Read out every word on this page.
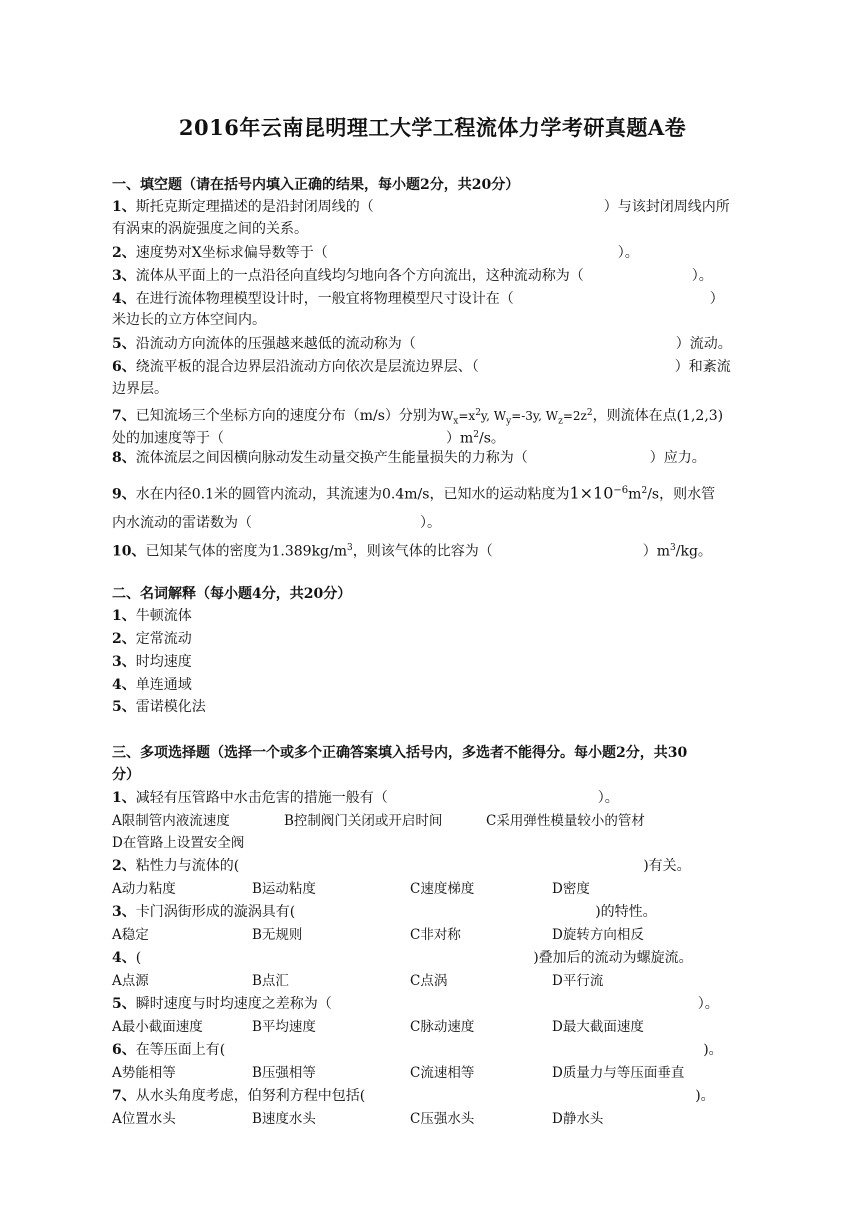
2016年云南昆明理工大学工程流体力学考研真题A卷
一、填空题（请在括号内填入正确的结果，每小题2分，共20分）
1、斯托克斯定理描述的是沿封闭周线的（	）与该封闭周线内所
有涡束的涡旋强度之间的关系。
2、速度势对X坐标求偏导数等于（	）。
3、流体从平面上的一点沿径向直线均匀地向各个方向流出，这种流动称为（	）。
4、在进行流体物理模型设计时，一般宜将物理模型尺寸设计在（	）
米边长的立方体空间内。
5、沿流动方向流体的压强越来越低的流动称为（	）流动。
6、绕流平板的混合边界层沿流动方向依次是层流边界层、（	）和紊流
边界层。
7、已知流场三个坐标方向的速度分布（m/s）分别为$W_x=x^2y$, $W_y=-3y$, $W_z=2z^2$，则流体在点(1,2,3)
处的加速度等于（	）$m^2/s$。
8、流体流层之间因横向脉动发生动量交换产生能量损失的力称为（	）应力。
9、水在内径0.1米的圆管内流动，其流速为0.4m/s，已知水的运动粘度为$1\times 10^{-6}m^2/s$，则水管
内水流动的雷诺数为（	）。
10、已知某气体的密度为$1.389kg/m^3$，则该气体的比容为（	）$m^3/kg$。
二、名词解释（每小题4分，共20分）
1、牛顿流体
2、定常流动
3、时均速度
4、单连通域
5、雷诺模化法
三、多项选择题（选择一个或多个正确答案填入括号内，多选者不能得分。每小题2分，共30
分）
1、减轻有压管路中水击危害的措施一般有（	）。
A限制管内液流速度	B控制阀门关闭或开启时间	C采用弹性模量较小的管材
D在管路上设置安全阀
2、粘性力与流体的(	)有关。
A动力粘度	B运动粘度	C速度梯度	D密度
3、卡门涡街形成的漩涡具有(	)的特性。
A稳定	B无规则	C非对称	D旋转方向相反
4、(	)叠加后的流动为螺旋流。
A点源	B点汇	C点涡	D平行流
5、瞬时速度与时均速度之差称为（	）。
A最小截面速度	B平均速度	C脉动速度	D最大截面速度
6、在等压面上有(	)。
A势能相等	B压强相等	C流速相等	D质量力与等压面垂直
7、从水头角度考虑，伯努利方程中包括(	)。
A位置水头	B速度水头	C压强水头	D静水头
